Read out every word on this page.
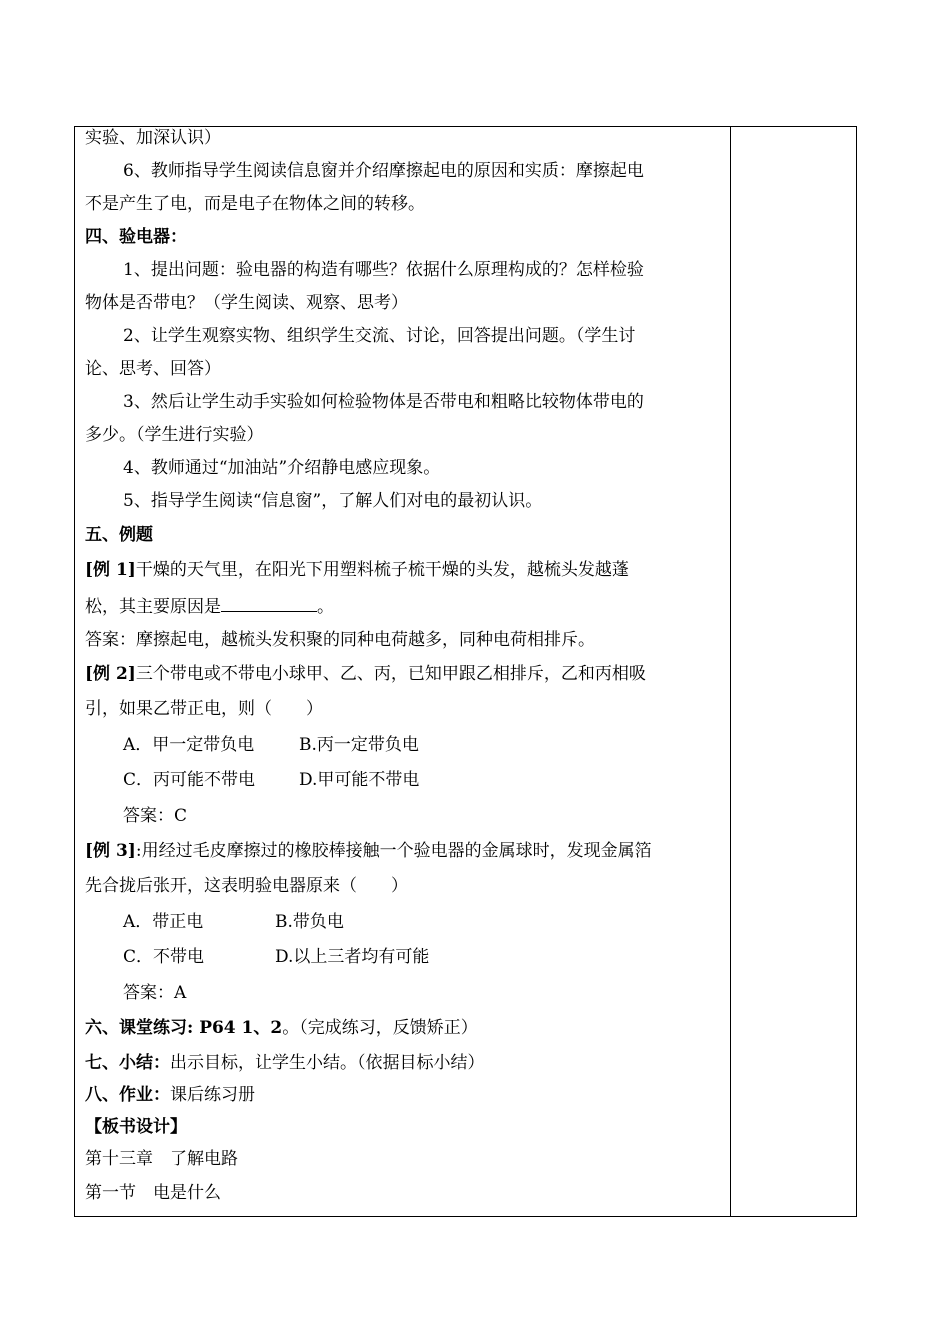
实验、加深认识）
6、教师指导学生阅读信息窗并介绍摩擦起电的原因和实质：摩擦起电
不是产生了电，而是电子在物体之间的转移。
四、验电器：
1、提出问题：验电器的构造有哪些？依据什么原理构成的？怎样检验
物体是否带电？（学生阅读、观察、思考）
2、让学生观察实物、组织学生交流、讨论，回答提出问题。（学生讨
论、思考、回答）
3、然后让学生动手实验如何检验物体是否带电和粗略比较物体带电的
多少。（学生进行实验）
4、教师通过“加油站”介绍静电感应现象。
5、指导学生阅读“信息窗”，了解人们对电的最初认识。
五、例题
[例 1]干燥的天气里，在阳光下用塑料梳子梳干燥的头发，越梳头发越蓬
松，其主要原因是	。
答案：摩擦起电，越梳头发积聚的同种电荷越多，同种电荷相排斥。
[例 2]三个带电或不带电小球甲、乙、丙，已知甲跟乙相排斥，乙和丙相吸
引，如果乙带正电，则（　　）
A．甲一定带负电	B.丙一定带负电
C．丙可能不带电	D.甲可能不带电
答案：C
[例 3]:用经过毛皮摩擦过的橡胶棒接触一个验电器的金属球时，发现金属箔
先合拢后张开，这表明验电器原来（　　）
A．带正电	B.带负电
C．不带电	D.以上三者均有可能
答案：A
六、课堂练习: P64 1、2。（完成练习，反馈矫正）
七、小结：出示目标，让学生小结。（依据目标小结）
八、作业：课后练习册
【板书设计】
第十三章　了解电路
第一节　电是什么
